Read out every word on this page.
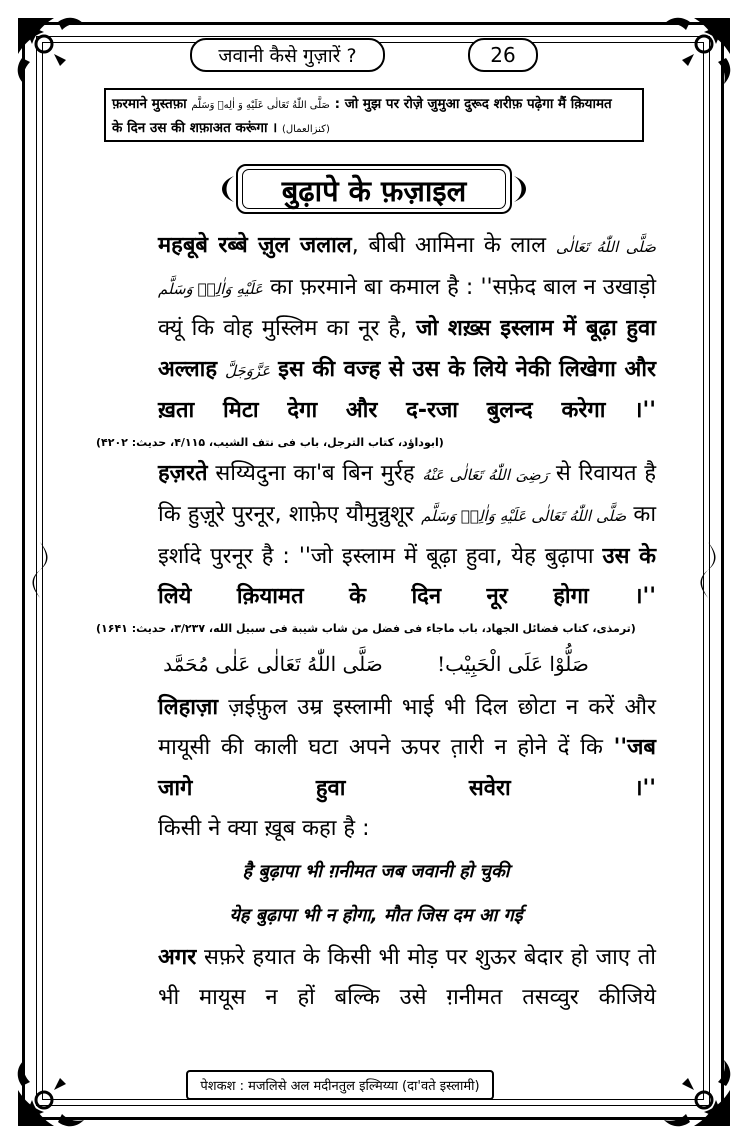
जवानी कैसे गुज़ारें ?	26
फ़रमाने मुस्तफ़ा صَلَّى اللّٰهُ تَعَالٰى عَلَيْهِ وَ اٰلِهٖ وَسَلَّم : जो मुझ पर रोज़े जुमुआ दुरूद शरीफ़ पढ़ेगा मैं क़ियामत
के दिन उस की शफ़ाअत करूंगा । (کنزالعمال)
बुढ़ापे के फ़ज़ाइल

महबूबे रब्बे ज़ुल जलाल, बीबी आमिना के लाल صَلَّى اللّٰهُ تَعَالٰى عَلَيْهِ وَاٰلِهٖ وَسَلَّم का फ़रमाने बा कमाल है : ''सफ़ेद बाल न उखाड़ो क्यूं कि वोह मुस्लिम का नूर है, जो शख़्स इस्लाम में बूढ़ा हुवा अल्लाह عَزَّوَجَلَّ इस की वज्ह से उस के लिये नेकी लिखेगा और ख़ता मिटा देगा और द-रजा बुलन्द करेगा ।''

(ابوداؤد، کتاب الترجل، باب فی نتف الشیب، ۴/۱۱۵، حدیث: ۴۲۰۲)

हज़रते सय्यिदुना का'ब बिन मुर्रह رَضِیَ اللّٰهُ تَعَالٰی عَنْهُ से रिवायत है कि हुज़ूरे पुरनूर, शाफ़ेए यौमुन्नुशूर صَلَّى اللّٰهُ تَعَالٰى عَلَيْهِ وَاٰلِهٖ وَسَلَّم का इर्शादे पुरनूर है : ''जो इस्लाम में बूढ़ा हुवा, येह बुढ़ापा उस के लिये क़ियामत के दिन नूर होगा ।''

(ترمذی، کتاب فضائل الجهاد، باب ماجاء فی فضل من شاب شیبة فی سبیل الله، ۳/۲۳۷، حدیث: ۱۶۴۱)

صَلُّوْا عَلَى الْحَبِيْب! صَلَّى اللّٰهُ تَعَالٰى عَلٰى مُحَمَّد

लिहाज़ा ज़ईफ़ुल उम्र इस्लामी भाई भी दिल छोटा न करें और मायूसी की काली घटा अपने ऊपर त़ारी न होने दें कि ''जब जागे हुवा सवेरा ।''

किसी ने क्या ख़ूब कहा है :

है बुढ़ापा भी ग़नीमत जब जवानी हो चुकी

येह बुढ़ापा भी न होगा, मौत जिस दम आ गई

अगर सफ़रे हयात के किसी भी मोड़ पर शुऊर बेदार हो जाए तो भी मायूस न हों बल्कि उसे ग़नीमत तसव्वुर कीजिये

पेशकश : मजलिसे अल मदीनतुल इल्मिय्या (दा'वते इस्लामी)
